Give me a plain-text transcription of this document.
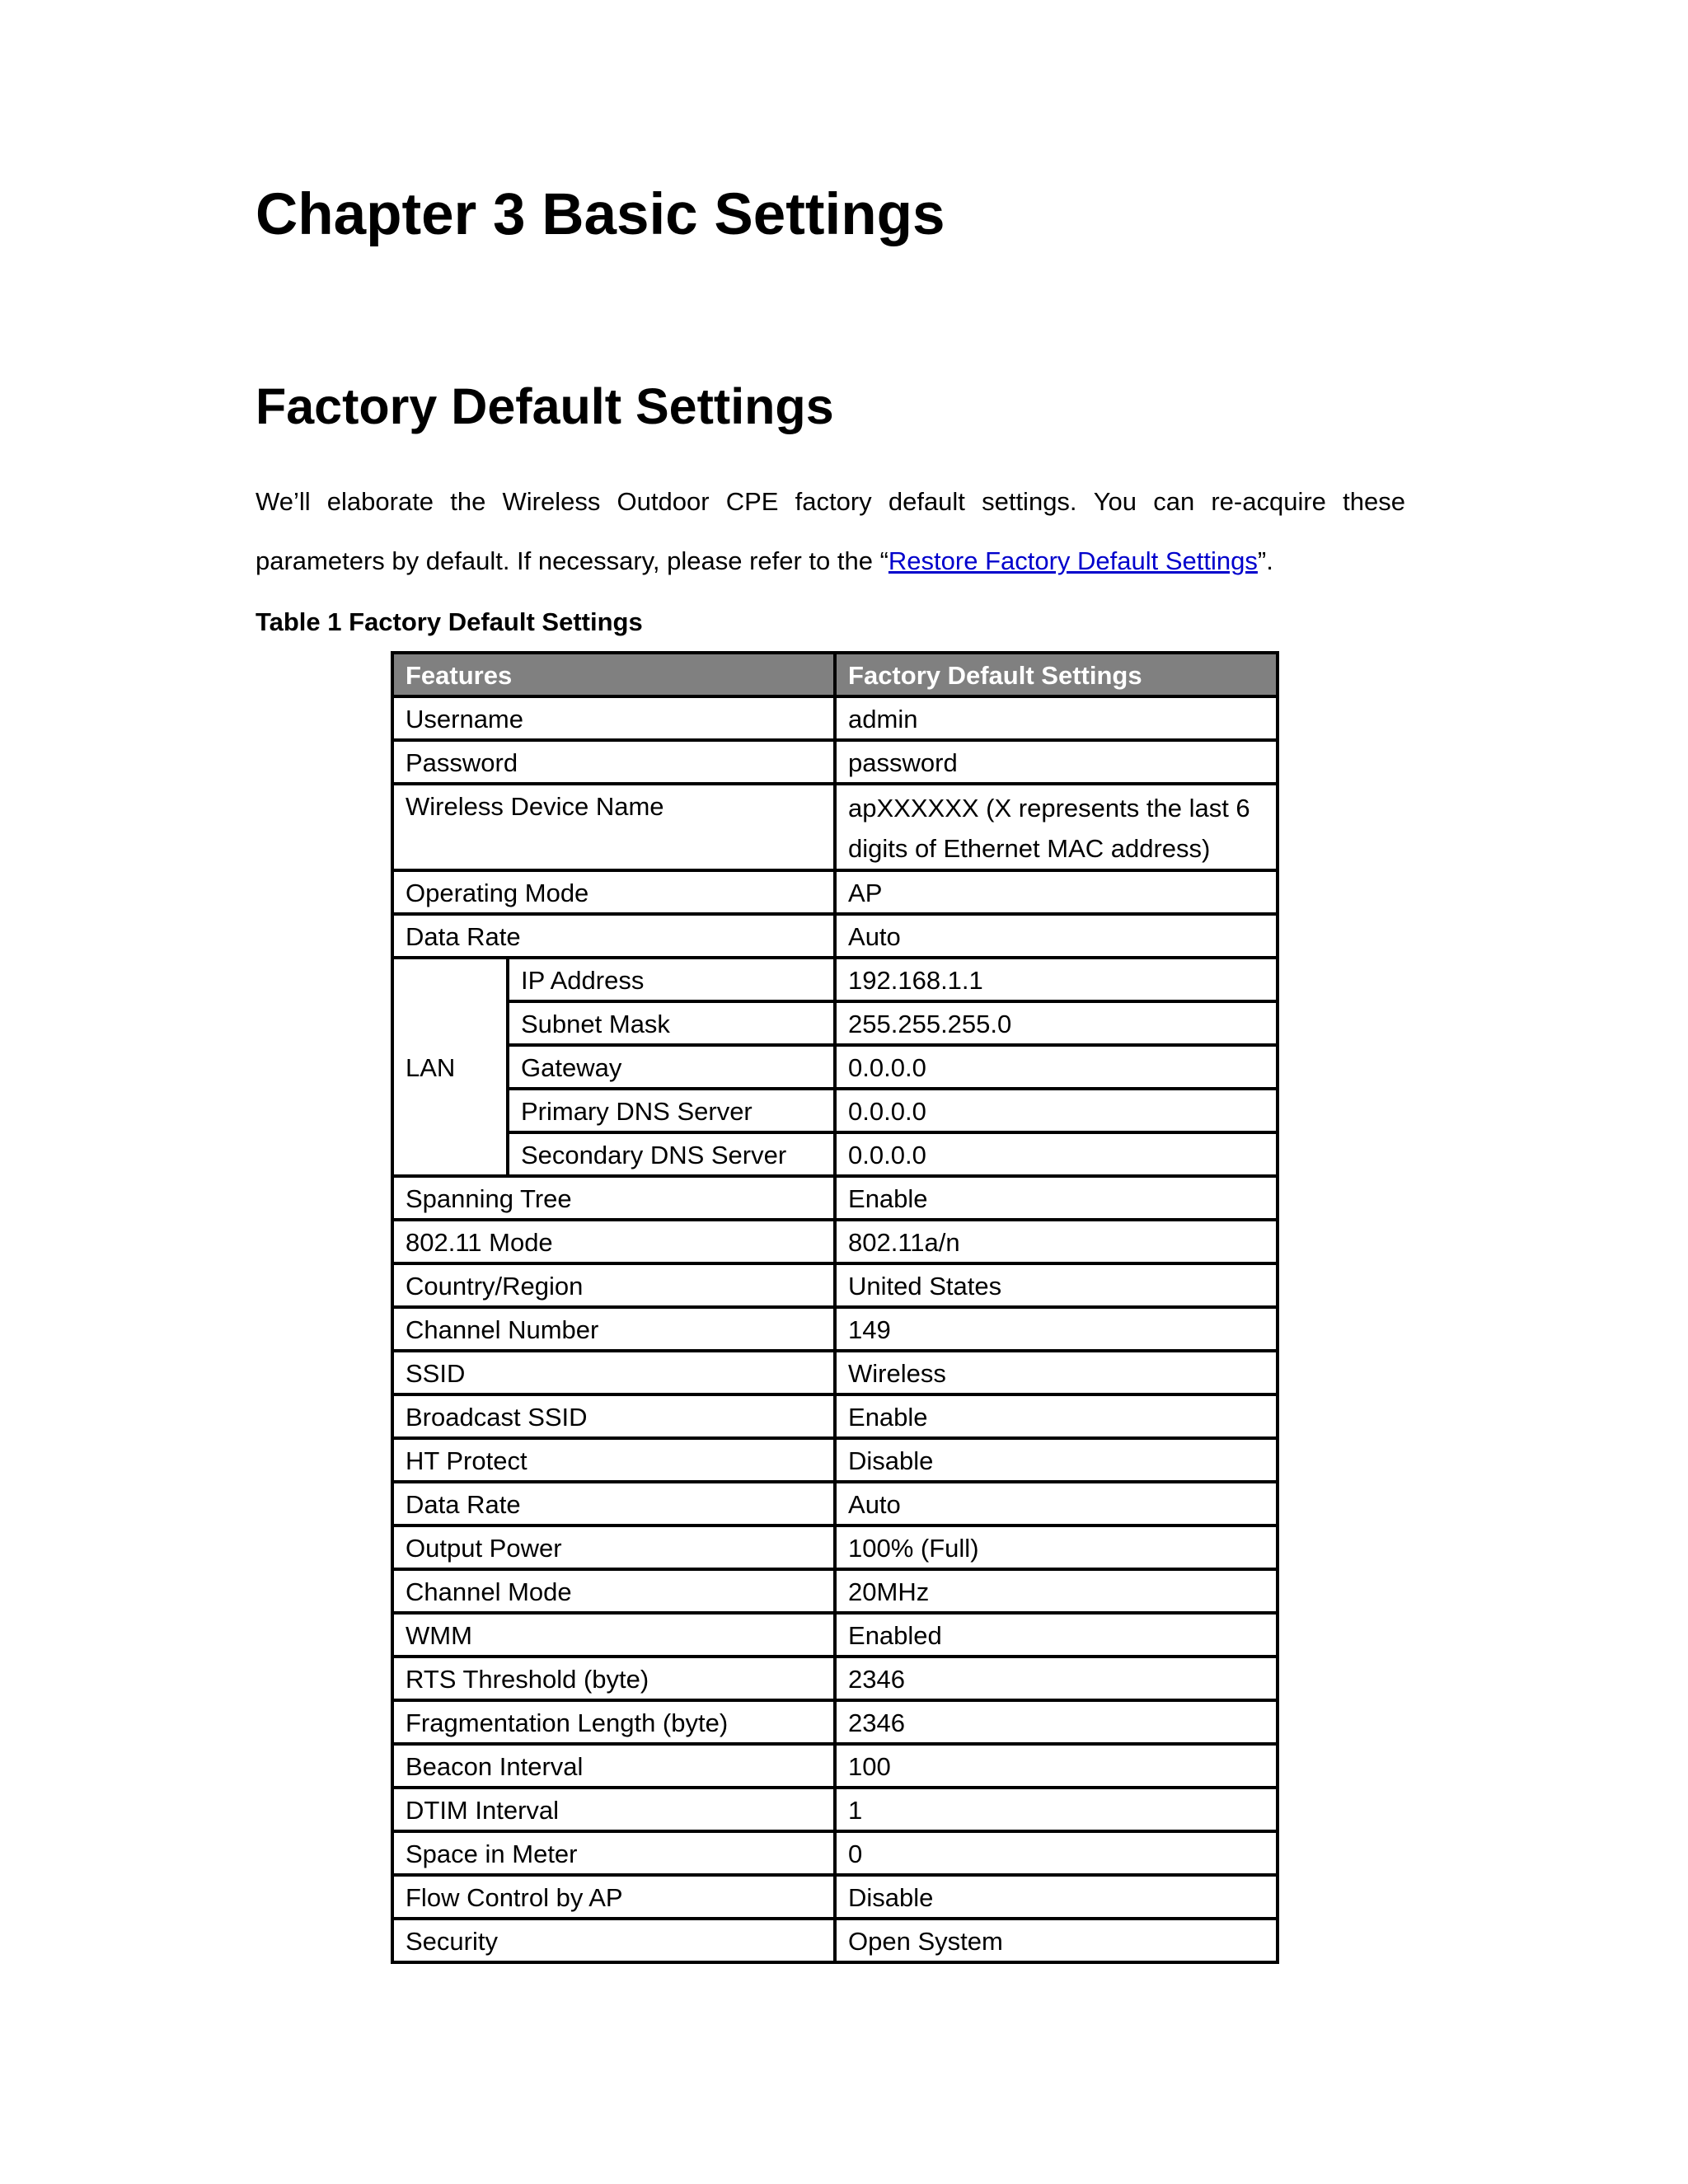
Chapter 3 Basic Settings
Factory Default Settings

We’ll elaborate the Wireless Outdoor CPE factory default settings. You can re-acquire these

parameters by default. If necessary, please refer to the “Restore Factory Default Settings”.

Table 1 Factory Default Settings

Features		Factory Default Settings
Username		admin
Password		password
Wireless Device Name		apXXXXXX (X represents the last 6 digits of Ethernet MAC address)
Operating Mode		AP
Data Rate		Auto
LAN	IP Address	192.168.1.1
	Subnet Mask	255.255.255.0
	Gateway	0.0.0.0
	Primary DNS Server	0.0.0.0
	Secondary DNS Server	0.0.0.0
Spanning Tree		Enable
802.11 Mode		802.11a/n
Country/Region		United States
Channel Number		149
SSID		Wireless
Broadcast SSID		Enable
HT Protect		Disable
Data Rate		Auto
Output Power		100% (Full)
Channel Mode		20MHz
WMM		Enabled
RTS Threshold (byte)		2346
Fragmentation Length (byte)		2346
Beacon Interval		100
DTIM Interval		1
Space in Meter		0
Flow Control by AP		Disable
Security		Open System
